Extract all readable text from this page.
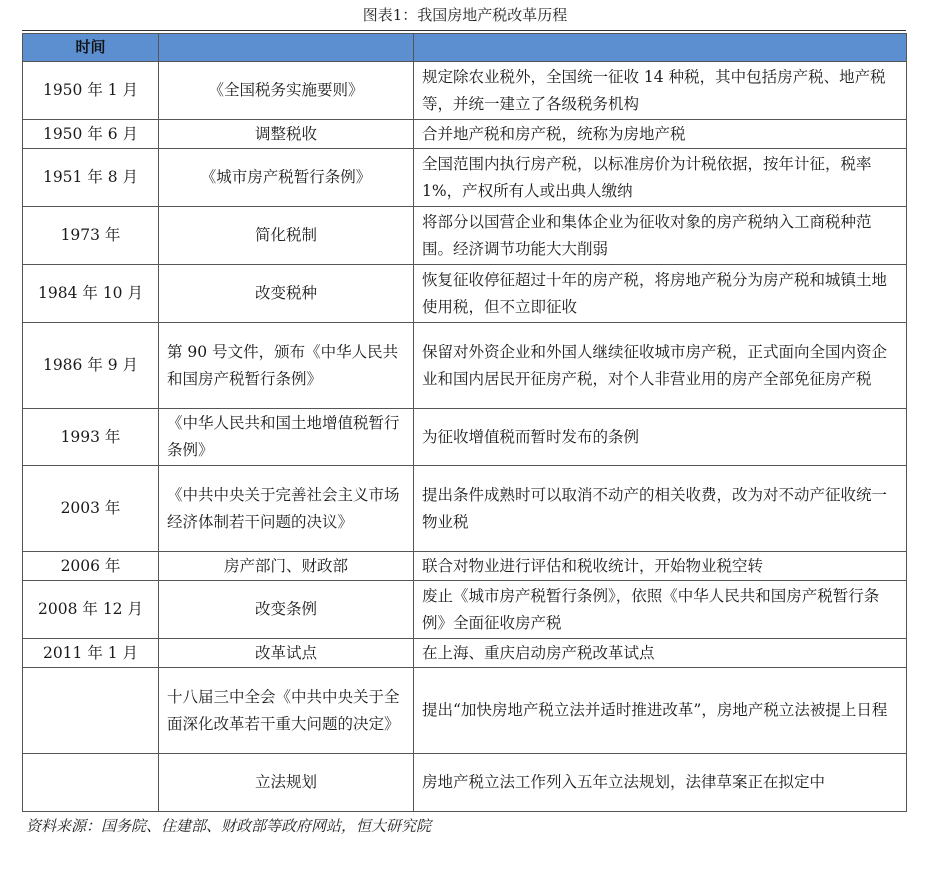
图表1：我国房地产税改革历程
时间		
1950 年 1 月	《全国税务实施要则》	规定除农业税外，全国统一征收 14 种税，其中包括房产税、地产税等，并统一建立了各级税务机构
1950 年 6 月	调整税收	合并地产税和房产税，统称为房地产税
1951 年 8 月	《城市房产税暂行条例》	全国范围内执行房产税，以标准房价为计税依据，按年计征，税率 1%，产权所有人或出典人缴纳
1973 年	简化税制	将部分以国营企业和集体企业为征收对象的房产税纳入工商税种范围。经济调节功能大大削弱
1984 年 10 月	改变税种	恢复征收停征超过十年的房产税，将房地产税分为房产税和城镇土地使用税，但不立即征收
1986 年 9 月	第 90 号文件，颁布《中华人民共和国房产税暂行条例》	保留对外资企业和外国人继续征收城市房产税，正式面向全国内资企业和国内居民开征房产税，对个人非营业用的房产全部免征房产税
1993 年	《中华人民共和国土地增值税暂行条例》	为征收增值税而暂时发布的条例
2003 年	《中共中央关于完善社会主义市场经济体制若干问题的决议》	提出条件成熟时可以取消不动产的相关收费，改为对不动产征收统一物业税
2006 年	房产部门、财政部	联合对物业进行评估和税收统计，开始物业税空转
2008 年 12 月	改变条例	废止《城市房产税暂行条例》，依照《中华人民共和国房产税暂行条例》全面征收房产税
2011 年 1 月	改革试点	在上海、重庆启动房产税改革试点
	十八届三中全会《中共中央关于全面深化改革若干重大问题的决定》	提出“加快房地产税立法并适时推进改革”，房地产税立法被提上日程
	立法规划	房地产税立法工作列入五年立法规划，法律草案正在拟定中
资料来源：国务院、住建部、财政部等政府网站，恒大研究院
